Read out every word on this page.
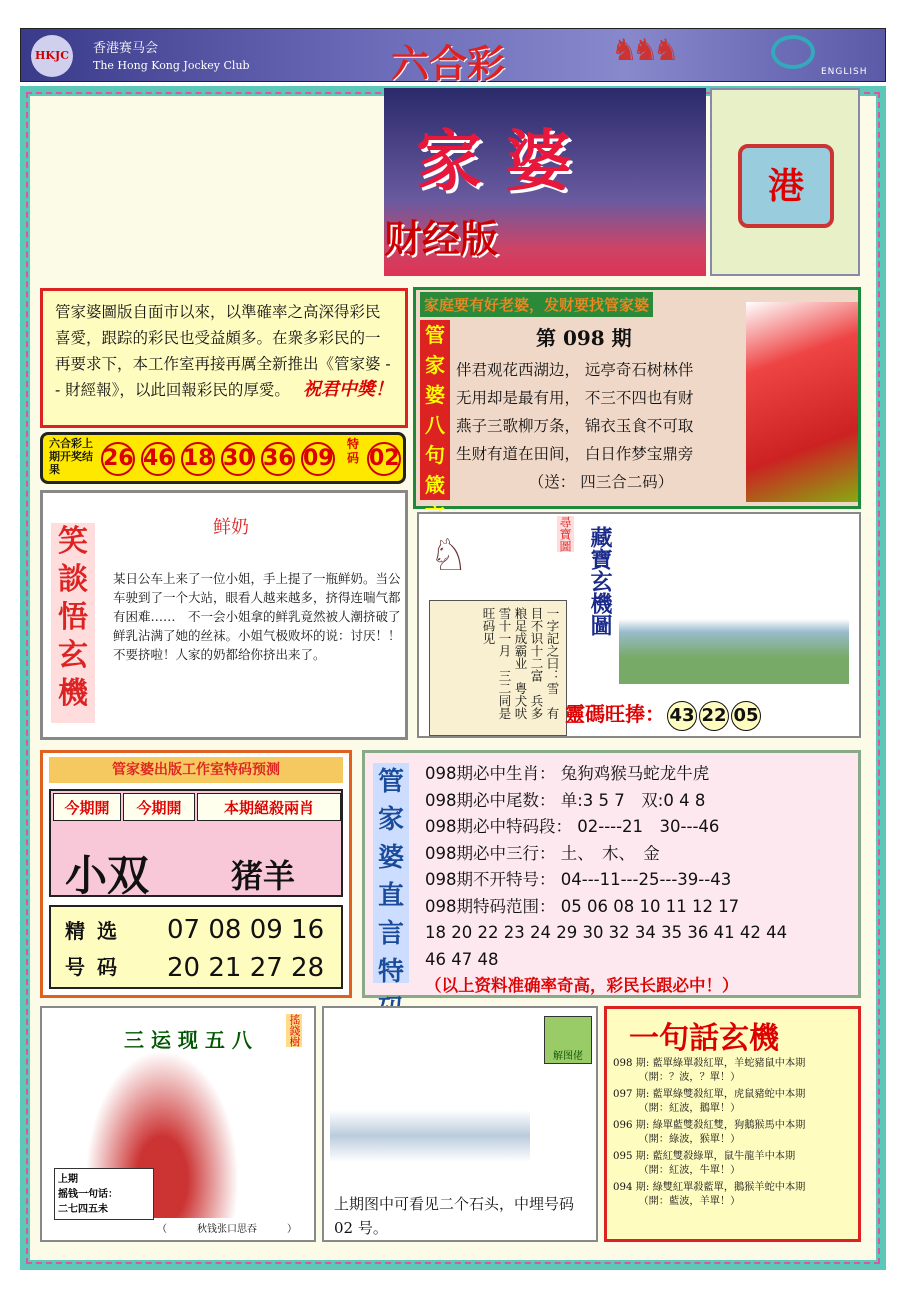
HKJC	香港赛马会
The Hong Kong Jockey Club	六合彩	♞♞♞
ENGLISH
家 婆
财经版
港
管家婆圖版自面市以來，以準確率之高深得彩民喜愛，跟踪的彩民也受益頗多。在衆多彩民的一再要求下，本工作室再接再厲全新推出《管家婆 -- 財經報》，以此回報彩民的厚愛。 祝君中獎！
六合彩上期开奖结果	26 46 18 30 36 09
特码 02
家庭要有好老婆，发财要找管家婆
管家婆八句箴
第 098 期
伴君观花西湖边， 远亭奇石树林伴
无用却是最有用， 不三不四也有财
燕子三歌柳万条， 锦衣玉食不可取
生财有道在田间， 白日作梦宝鼎旁
（送： 四三合二码）
笑談悟玄機
鲜奶
某日公车上来了一位小姐，手上提了一瓶鲜奶。当公车驶到了一个大站，眼看人越来越多，挤得连喘气都有困难……　不一会小姐拿的鲜乳竟然被人潮挤破了鲜乳沾满了她的丝袜。小姐气极败坏的说：讨厌！！不要挤啦！人家的奶都给你挤出来了。
♘
一字記之曰：雪　有目不识十二富　兵多粮足成霸业　粤犬吠雪十一月　三二同是旺码见
尋寶圖 藏寶玄機圖
靈碼旺捧： 43 22 05
管家婆出版工作室特码预测
今期開	今期開	本期絕殺兩肖
小双	猪羊
精选号码
07 08 09 16
20 21 27 28
管家婆直言特
098期必中生肖： 兔狗鸡猴马蛇龙牛虎
098期必中尾数： 单:3 5 7　双:0 4 8
098期必中特码段： 02----21　30---46
098期必中三行： 土、　木、　金
098期不开特号： 04---11---25---39--43
098期特码范围： 05 06 08 10 11 12 17
18 20 22 23 24 29 30 32 34 35 36 41 42 44
46 47 48
（以上资料准确率奇高，彩民长跟必中！）
三 运 现 五 八	搖錢樹
上期
摇钱一句话：
二七四五未
（　　　秋钱张口思吞　　　）
解图佬
上期图中可看见二个石头，中埋号码 02 号。
一句話玄機
098 期: 藍單綠單殺紅單，羊蛇豬鼠中本期
　　　（開：？波，？單！）
097 期: 藍單綠雙殺紅單，虎鼠豬蛇中本期
　　　（開：紅波，鵝單！）
096 期: 綠單藍雙殺紅雙，狗鵝猴馬中本期
　　　（開：綠波，猴單！）
095 期: 藍紅雙殺綠單，鼠牛龍羊中本期
　　　（開：紅波，牛單！）
094 期: 綠雙紅單殺藍單，鵝猴羊蛇中本期
　　　（開：藍波，羊單！）
